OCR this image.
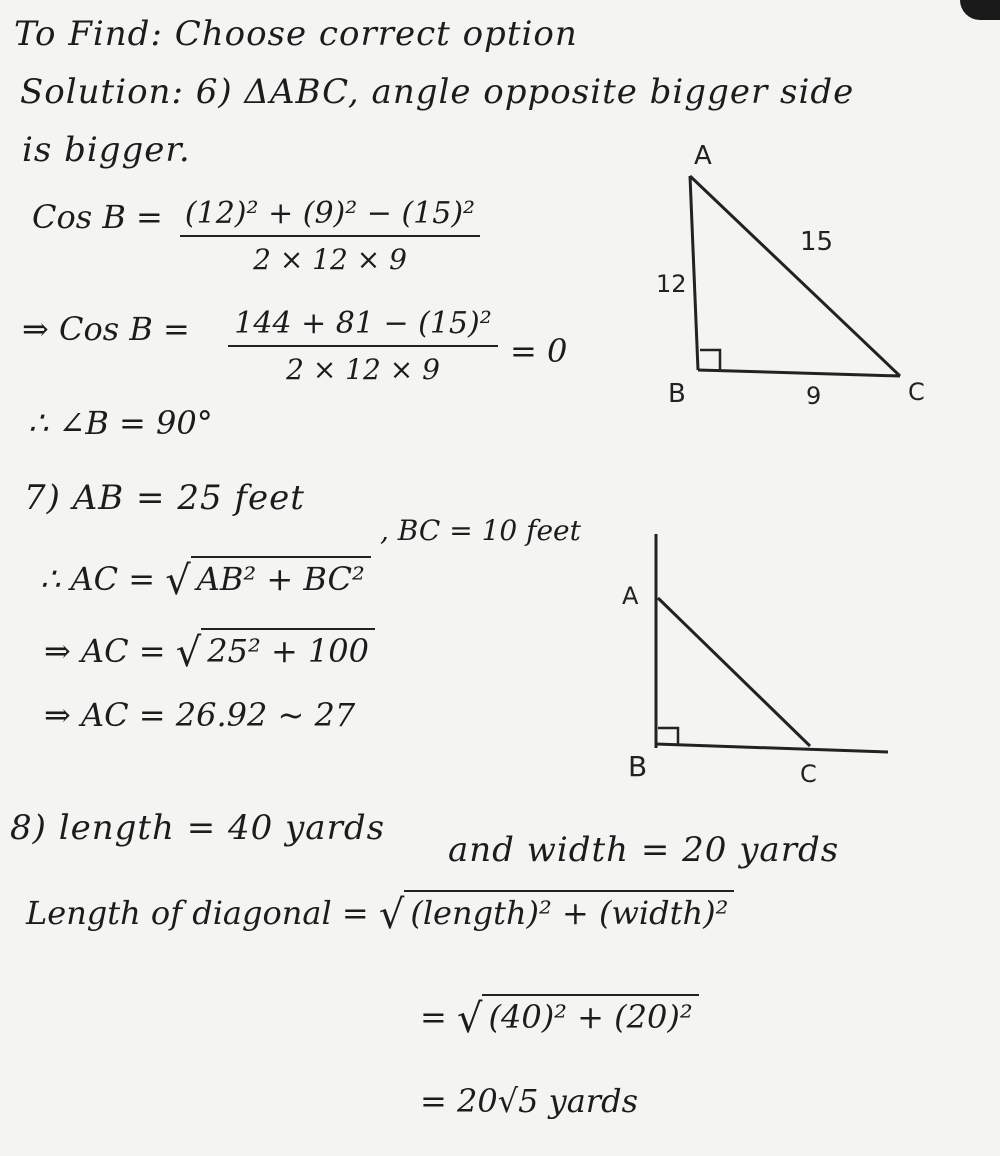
To Find: Choose correct option
Solution: 6) ΔABC, angle opposite bigger side
is bigger.
Cos $B = \frac{\text{(12)² + (9)² − (15)²}}{2 \times 12 \times 9}$
⇒ Cos $B = \frac{\text{144 + 81 − (15)²}}{2 \times 12 \times 9} = 0$
∴ ∠B = 90°
7) AB = 25 feet
, BC = 10 feet
∴ AC = √ AB² + BC²
⇒ AC = √ 25² + 100
⇒ AC = 26.92 ~ 27
8) length = 40 yards
and width = 20 yards
Length of diagonal = √ (length)² + (width)²
= √ (40)² + (20)²
= 20√5 yards
A
B	C
12
15
9
A
B	C
